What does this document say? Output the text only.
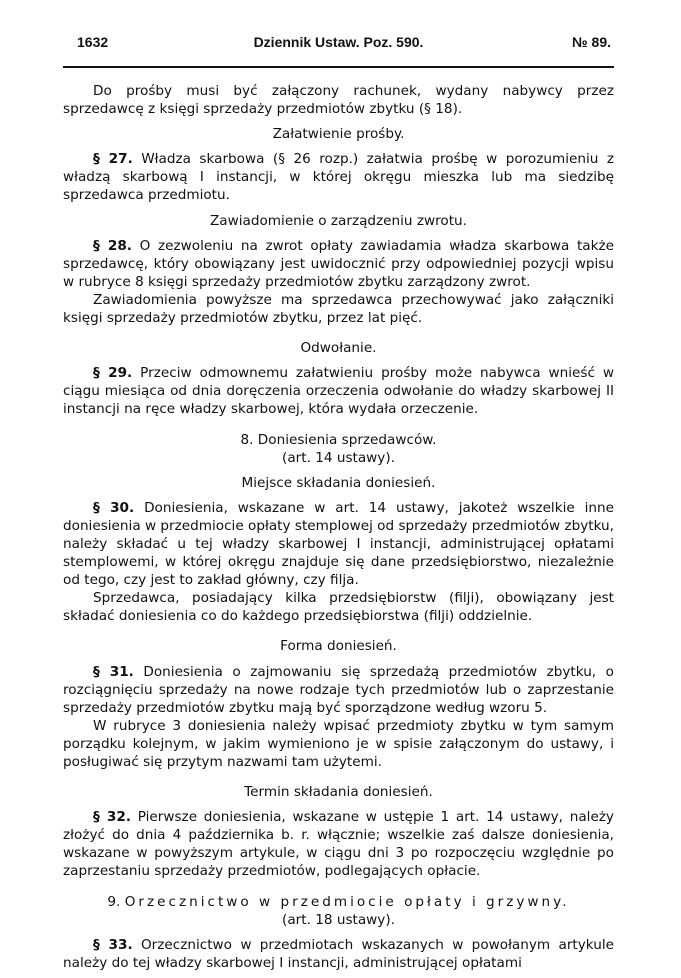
1632	Dziennik Ustaw. Poz. 590.	№ 89.

Do prośby musi być załączony rachunek, wydany nabywcy przez sprzedawcę z księgi sprzedaży przedmiotów zbytku (§ 18).

Załatwienie prośby.

§ 27. Władza skarbowa (§ 26 rozp.) załatwia prośbę w porozumieniu z władzą skarbową I instancji, w której okręgu mieszka lub ma siedzibę sprzedawca przedmiotu.

Zawiadomienie o zarządzeniu zwrotu.

§ 28. O zezwoleniu na zwrot opłaty zawiadamia władza skarbowa także sprzedawcę, który obowiązany jest uwidocznić przy odpowiedniej pozycji wpisu w rubryce 8 księgi sprzedaży przedmiotów zbytku zarządzony zwrot.

Zawiadomienia powyższe ma sprzedawca przechowywać jako załączniki księgi sprzedaży przedmiotów zbytku, przez lat pięć.

Odwołanie.

§ 29. Przeciw odmownemu załatwieniu prośby może nabywca wnieść w ciągu miesiąca od dnia doręczenia orzeczenia odwołanie do władzy skarbowej II instancji na ręce władzy skarbowej, która wydała orzeczenie.

8. Doniesienia sprzedawców.

(art. 14 ustawy).

Miejsce składania doniesień.

§ 30. Doniesienia, wskazane w art. 14 ustawy, jakoteż wszelkie inne doniesienia w przedmiocie opłaty stemplowej od sprzedaży przedmiotów zbytku, należy składać u tej władzy skarbowej I instancji, administrującej opłatami stemplowemi, w której okręgu znajduje się dane przedsiębiorstwo, niezależnie od tego, czy jest to zakład główny, czy filja.

Sprzedawca, posiadający kilka przedsiębiorstw (filji), obowiązany jest składać doniesienia co do każdego przedsiębiorstwa (filji) oddzielnie.

Forma doniesień.

§ 31. Doniesienia o zajmowaniu się sprzedażą przedmiotów zbytku, o rozciągnięciu sprzedaży na nowe rodzaje tych przedmiotów lub o zaprzestanie sprzedaży przedmiotów zbytku mają być sporządzone według wzoru 5.

W rubryce 3 doniesienia należy wpisać przedmioty zbytku w tym samym porządku kolejnym, w jakim wymieniono je w spisie załączonym do ustawy, i posługiwać się przytym nazwami tam użytemi.

Termin składania doniesień.

§ 32. Pierwsze doniesienia, wskazane w ustępie 1 art. 14 ustawy, należy złożyć do dnia 4 października b. r. włącznie; wszelkie zaś dalsze doniesienia, wskazane w powyższym artykule, w ciągu dni 3 po rozpoczęciu względnie po zaprzestaniu sprzedaży przedmiotów, podlegających opłacie.

9. Orzecznictwo w przedmiocie opłaty i grzywny.

(art. 18 ustawy).

§ 33. Orzecznictwo w przedmiotach wskazanych w powołanym artykule należy do tej władzy skarbowej I instancji, administrującej opłatami
